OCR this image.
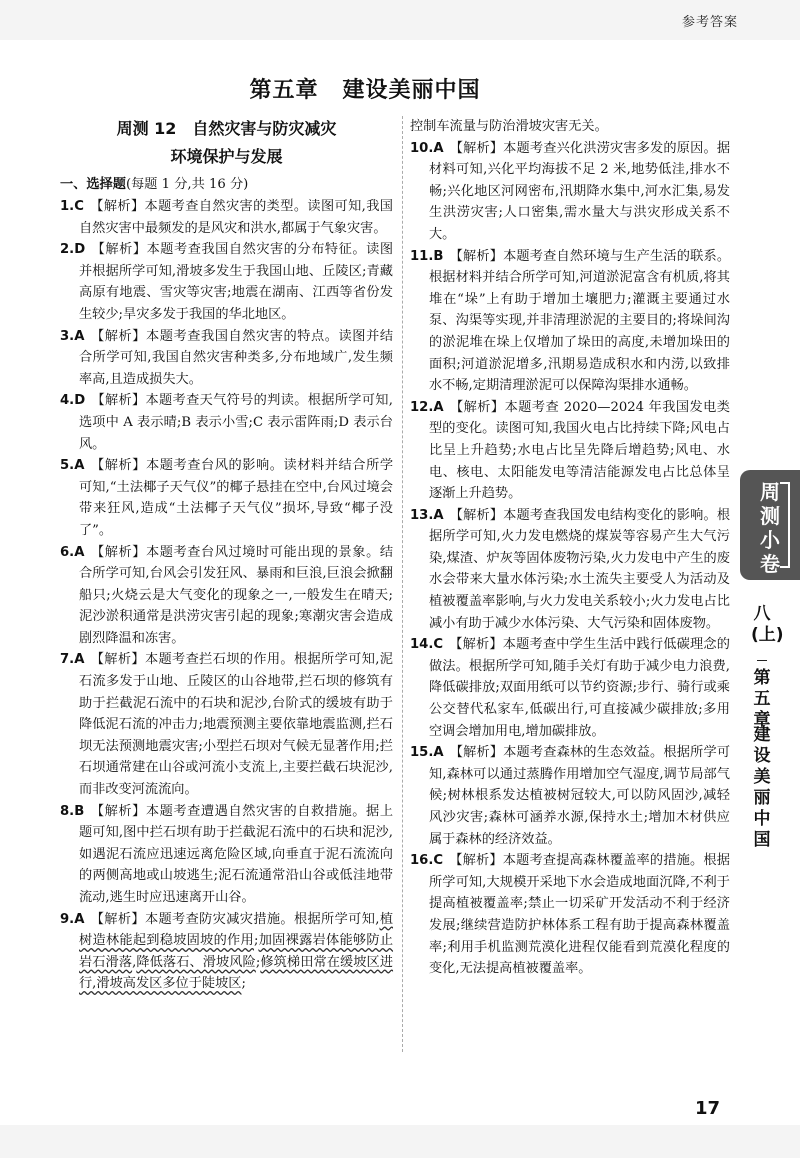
参考答案
第五章 建设美丽中国
周测 12　自然灾害与防灾减灾
环境保护与发展
一、选择题(每题 1 分,共 16 分)

1.C 【解析】本题考查自然灾害的类型。读图可知,我国自然灾害中最频发的是风灾和洪水,都属于气象灾害。

2.D 【解析】本题考查我国自然灾害的分布特征。读图并根据所学可知,滑坡多发生于我国山地、丘陵区;青藏高原有地震、雪灾等灾害;地震在湖南、江西等省份发生较少;旱灾多发于我国的华北地区。

3.A 【解析】本题考查我国自然灾害的特点。读图并结合所学可知,我国自然灾害种类多,分布地域广,发生频率高,且造成损失大。

4.D 【解析】本题考查天气符号的判读。根据所学可知,选项中 A 表示晴;B 表示小雪;C 表示雷阵雨;D 表示台风。

5.A 【解析】本题考查台风的影响。读材料并结合所学可知,“土法椰子天气仪”的椰子悬挂在空中,台风过境会带来狂风,造成“土法椰子天气仪”损坏,导致“椰子没了”。

6.A 【解析】本题考查台风过境时可能出现的景象。结合所学可知,台风会引发狂风、暴雨和巨浪,巨浪会掀翻船只;火烧云是大气变化的现象之一,一般发生在晴天;泥沙淤积通常是洪涝灾害引起的现象;寒潮灾害会造成剧烈降温和冻害。

7.A 【解析】本题考查拦石坝的作用。根据所学可知,泥石流多发于山地、丘陵区的山谷地带,拦石坝的修筑有助于拦截泥石流中的石块和泥沙,台阶式的缓坡有助于降低泥石流的冲击力;地震预测主要依靠地震监测,拦石坝无法预测地震灾害;小型拦石坝对气候无显著作用;拦石坝通常建在山谷或河流小支流上,主要拦截石块泥沙,而非改变河流流向。

8.B 【解析】本题考查遭遇自然灾害的自救措施。据上题可知,图中拦石坝有助于拦截泥石流中的石块和泥沙,如遇泥石流应迅速远离危险区域,向垂直于泥石流流向的两侧高地或山坡逃生;泥石流通常沿山谷或低洼地带流动,逃生时应迅速离开山谷。

9.A 【解析】本题考查防灾减灾措施。根据所学可知,植树造林能起到稳坡固坡的作用;加固裸露岩体能够防止岩石滑落,降低落石、滑坡风险;修筑梯田常在缓坡区进行,滑坡高发区多位于陡坡区;

控制车流量与防治滑坡灾害无关。

10.A 【解析】本题考查兴化洪涝灾害多发的原因。据材料可知,兴化平均海拔不足 2 米,地势低洼,排水不畅;兴化地区河网密布,汛期降水集中,河水汇集,易发生洪涝灾害;人口密集,需水量大与洪灾形成关系不大。

11.B 【解析】本题考查自然环境与生产生活的联系。根据材料并结合所学可知,河道淤泥富含有机质,将其堆在“垛”上有助于增加土壤肥力;灌溉主要通过水泵、沟渠等实现,并非清理淤泥的主要目的;将垛间沟的淤泥堆在垛上仅增加了垛田的高度,未增加垛田的面积;河道淤泥增多,汛期易造成积水和内涝,以致排水不畅,定期清理淤泥可以保障沟渠排水通畅。

12.A 【解析】本题考查 2020—2024 年我国发电类型的变化。读图可知,我国火电占比持续下降;风电占比呈上升趋势;水电占比呈先降后增趋势;风电、水电、核电、太阳能发电等清洁能源发电占比总体呈逐渐上升趋势。

13.A 【解析】本题考查我国发电结构变化的影响。根据所学可知,火力发电燃烧的煤炭等容易产生大气污染,煤渣、炉灰等固体废物污染,火力发电中产生的废水会带来大量水体污染;水土流失主要受人为活动及植被覆盖率影响,与火力发电关系较小;火力发电占比减小有助于减少水体污染、大气污染和固体废物。

14.C 【解析】本题考查中学生生活中践行低碳理念的做法。根据所学可知,随手关灯有助于减少电力浪费,降低碳排放;双面用纸可以节约资源;步行、骑行或乘公交替代私家车,低碳出行,可直接减少碳排放;多用空调会增加用电,增加碳排放。

15.A 【解析】本题考查森林的生态效益。根据所学可知,森林可以通过蒸腾作用增加空气湿度,调节局部气候;树林根系发达植被树冠较大,可以防风固沙,减轻风沙灾害;森林可涵养水源,保持水土;增加木材供应属于森林的经济效益。

16.C 【解析】本题考查提高森林覆盖率的措施。根据所学可知,大规模开采地下水会造成地面沉降,不利于提高植被覆盖率;禁止一切采矿开发活动不利于经济发展;继续营造防护林体系工程有助于提高森林覆盖率;利用手机监测荒漠化进程仅能看到荒漠化程度的变化,无法提高植被覆盖率。

周测小卷
八(上)
第五章
建设美丽中国
17
